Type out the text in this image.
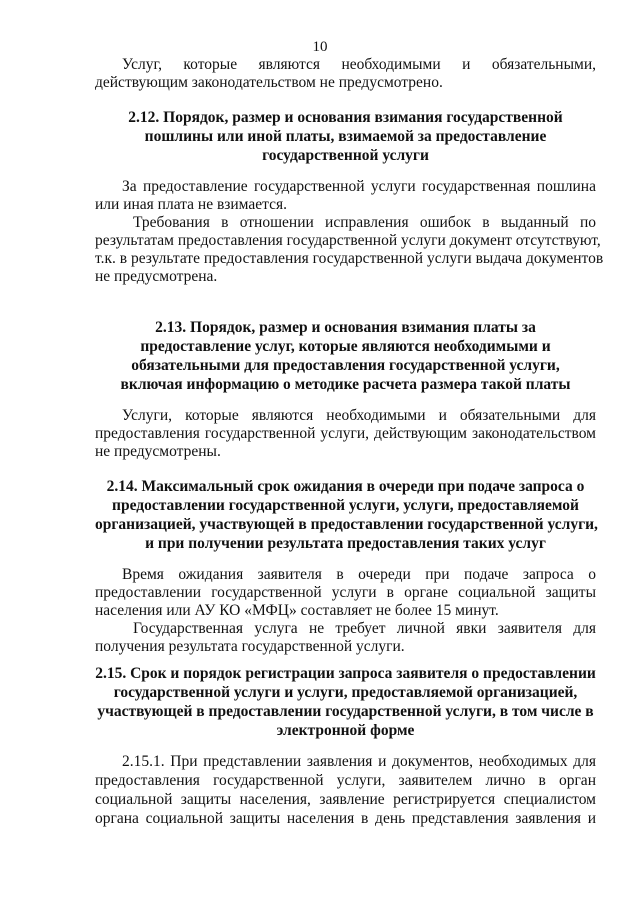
10
Услуг, которые являются необходимыми и обязательными,
действующим законодательством не предусмотрено.
2.12. Порядок, размер и основания взимания государственной
пошлины или иной платы, взимаемой за предоставление
государственной услуги
За предоставление государственной услуги государственная пошлина
или иная плата не взимается.
Требования в отношении исправления ошибок в выданный по
результатам предоставления государственной услуги документ отсутствуют,
т.к. в результате предоставления государственной услуги выдача документов
не предусмотрена.
2.13. Порядок, размер и основания взимания платы за
предоставление услуг, которые являются необходимыми и
обязательными для предоставления государственной услуги,
включая информацию о методике расчета размера такой платы
Услуги, которые являются необходимыми и обязательными для
предоставления государственной услуги, действующим законодательством
не предусмотрены.
2.14. Максимальный срок ожидания в очереди при подаче запроса о
предоставлении государственной услуги, услуги, предоставляемой
организацией, участвующей в предоставлении государственной услуги,
и при получении результата предоставления таких услуг
Время ожидания заявителя в очереди при подаче запроса о
предоставлении государственной услуги в органе социальной защиты
населения или АУ КО «МФЦ» составляет не более 15 минут.
Государственная услуга не требует личной явки заявителя для
получения результата государственной услуги.
2.15. Срок и порядок регистрации запроса заявителя о предоставлении
государственной услуги и услуги, предоставляемой организацией,
участвующей в предоставлении государственной услуги, в том числе в
электронной форме
2.15.1. При представлении заявления и документов, необходимых для
предоставления государственной услуги, заявителем лично в орган
социальной защиты населения, заявление регистрируется специалистом
органа социальной защиты населения в день представления заявления и
